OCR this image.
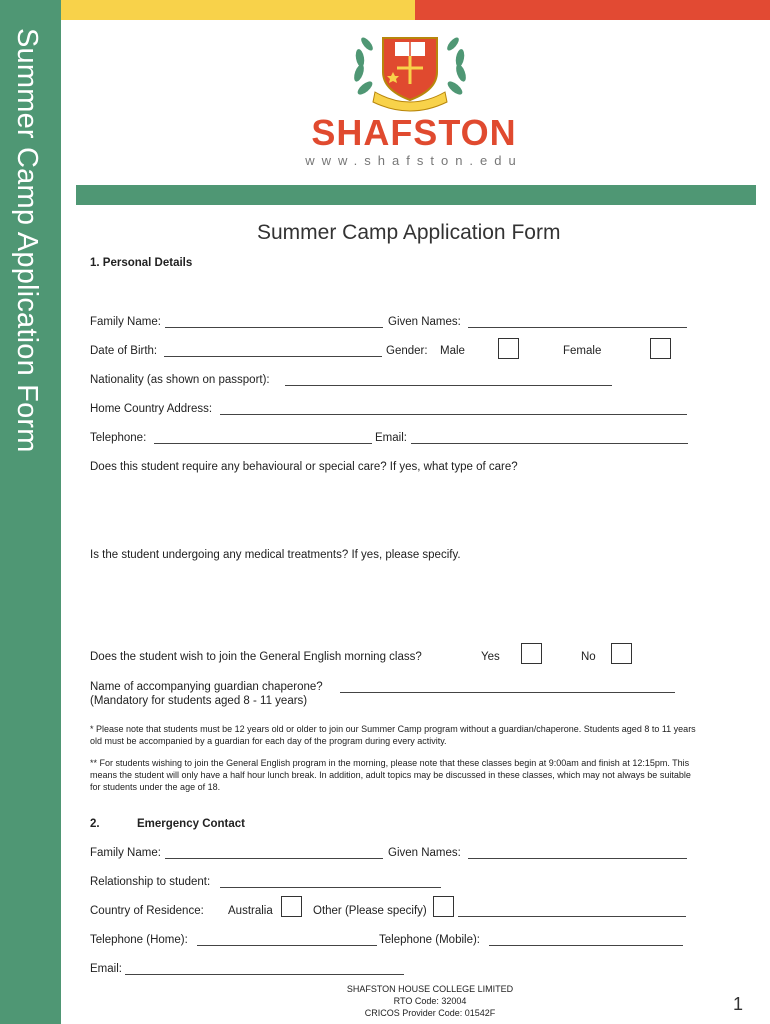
Summer Camp Application Form	SHAFSTON
www.shafston.edu
Summer Camp Application Form
1. Personal Details
Family Name:	Given Names:
Date of Birth:	Gender: Male	Female
Nationality (as shown on passport):
Home Country Address:
Telephone:	Email:
Does this student require any behavioural or special care? If yes, what type of care?
Is the student undergoing any medical treatments? If yes, please specify.
Does the student wish to join the General English morning class?	Yes	No
Name of accompanying guardian chaperone?
(Mandatory for students aged 8 - 11 years)
* Please note that students must be 12 years old or older to join our Summer Camp program without a guardian/chaperone. Students aged 8 to 11 years
old must be accompanied by a guardian for each day of the program during every activity.
** For students wishing to join the General English program in the morning, please note that these classes begin at 9:00am and finish at 12:15pm. This
means the student will only have a half hour lunch break. In addition, adult topics may be discussed in these classes, which may not always be suitable
for students under the age of 18.
2.	Emergency Contact
Family Name:	Given Names:
Relationship to student:
Country of Residence: Australia	Other (Please specify)
Telephone (Home):	Telephone (Mobile):
Email:
SHAFSTON HOUSE COLLEGE LIMITED
RTO Code: 32004
CRICOS Provider Code: 01542F	1
